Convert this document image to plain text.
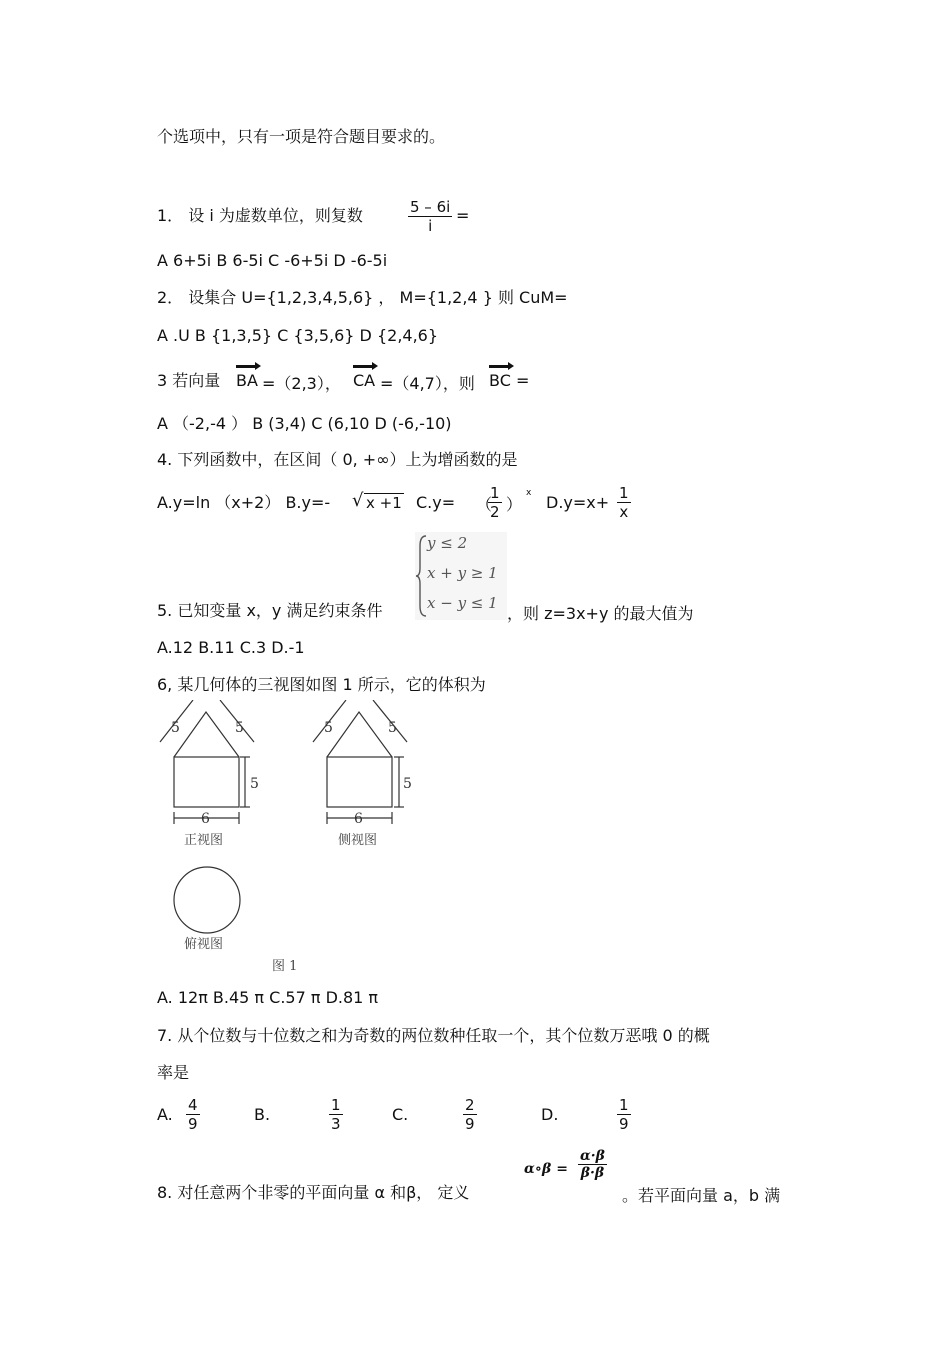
个选项中，只有一项是符合题目要求的。
1． 设 i 为虚数单位，则复数	$\frac{5 - 6i}{i}$ =
A 6+5i B 6-5i C -6+5i D -6-5i
2． 设集合 U={1,2,3,4,5,6} ， M={1,2,4 } 则 CuM=
A .U B {1,3,5} C {3,5,6} D {2,4,6}
3 若向量 BA =（2,3）， CA =（4,7），则 BC =
A （-2,-4 ） B (3,4) C (6,10 D (-6,-10)
4. 下列函数中，在区间（ 0, +∞）上为增函数的是
A.y=ln （x+2） B.y=- √ x +1 C.y= （
$\frac{1}{2}$ ）
x $D.y=x+ \frac{1}{x}$
y ≤ 2
x + y ≥ 1
x − y ≤ 1
5. 已知变量 x，y 满足约束条件	，则 z=3x+y 的最大值为
A.12 B.11 C.3 D.-1
6, 某几何体的三视图如图 1 所示，它的体积为
5	5
5
6
5	5
5
6
正视图	侧视图
俯视图
图 1
A. 12π B.45 π C.57 π D.81 π
7. 从个位数与十位数之和为奇数的两位数种任取一个，其个位数万恶哦 0 的概
率是
A. $\frac{4}{9}$	B.	$\frac{1}{3}$	C.	$\frac{2}{9}$	D.	$\frac{1}{9}$
8. 对任意两个非零的平面向量 α 和β， 定义
α∘β = $\frac{\alpha\cdot\beta}{\beta\cdot\beta}$
。若平面向量 a，b 满
